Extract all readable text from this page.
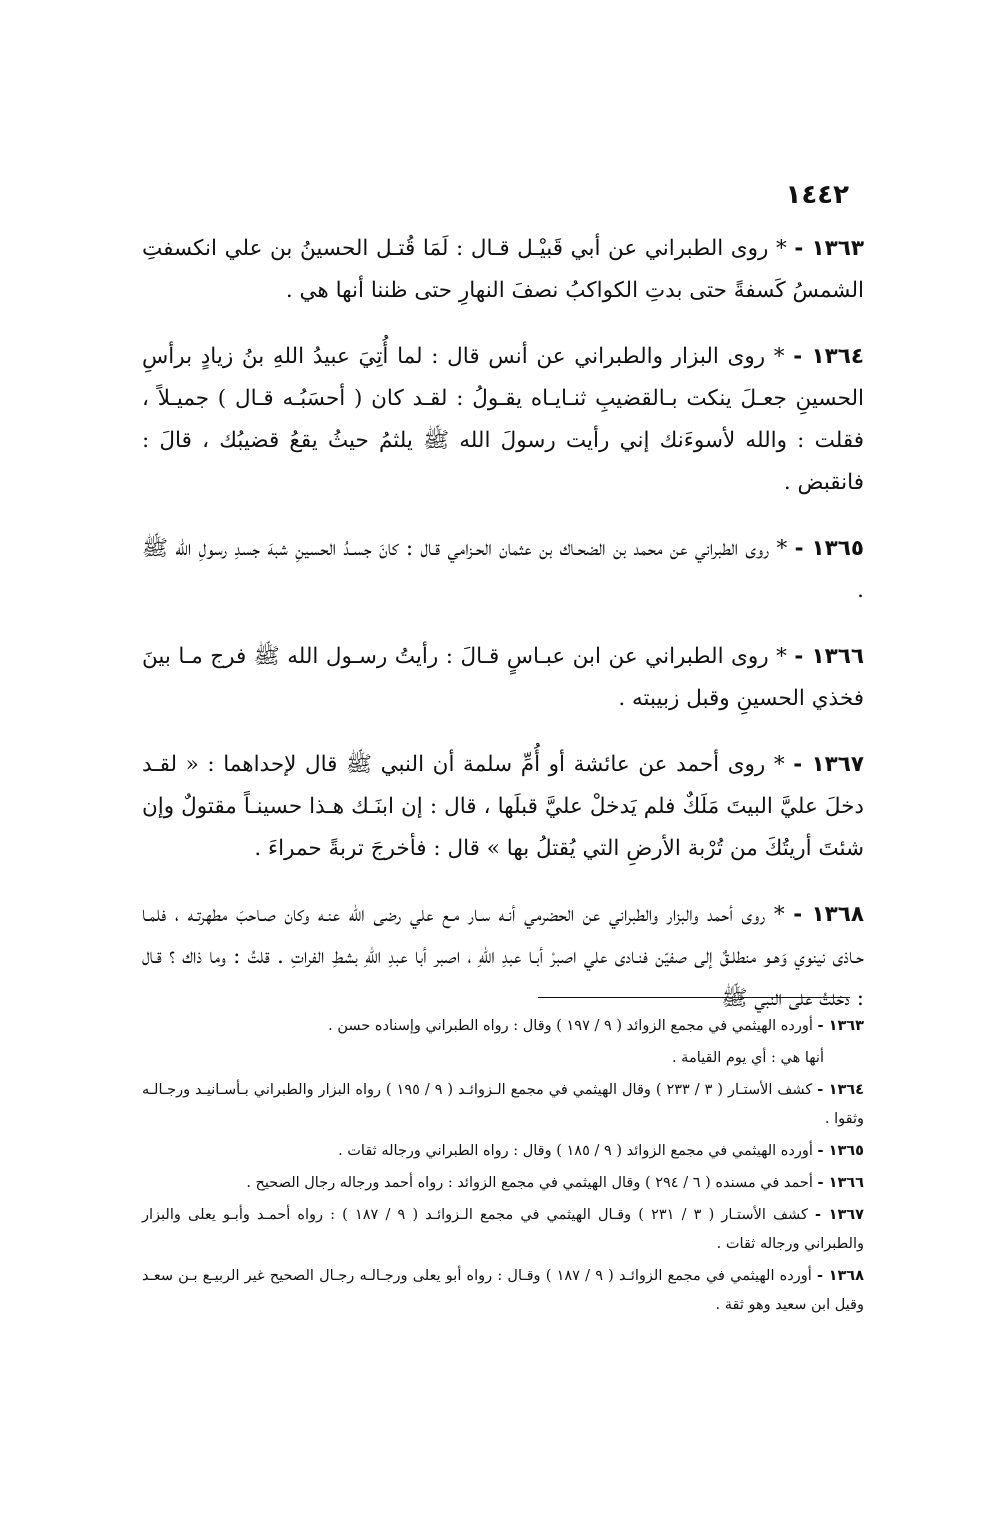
١٤٤٢

١٣٦٣ - * روى الطبراني عن أبي قَبيْـل قـال : لَمَا قُتـل الحسينُ بن علي انكسفتِ الشمسُ كَسفةً حتى بدتِ الكواكبُ نصفَ النهارِ حتى ظننا أنها هي .

١٣٦٤ - * روى البزار والطبراني عن أنس قال : لما أُتِيَ عبيدُ اللهِ بنُ زيادٍ برأسِ الحسينِ جعـلَ ينكت بـالقضيبِ ثنـايـاه يقـولُ : لقـد كان ( أحسَبُـه قـال ) جميـلاً ، فقلت : والله لأسوءَنك إني رأيت رسولَ الله ﷺ يلثمُ حيثُ يقعُ قضيبُك ، قالَ : فانقبض .

١٣٦٥ - * روى الطبراني عن محمد بن الضحـاك بن عثمان الحـزامي قـال : كانَ جسـدُ الحسينِ شبهَ جسدِ رسولِ الله ﷺ .

١٣٦٦ - * روى الطبراني عن ابن عبـاسٍ قـالَ : رأيتُ رسـول الله ﷺ فرج مـا بينَ فخذي الحسينِ وقبل زبيبته .

١٣٦٧ - * روى أحمد عن عائشة أو أُمِّ سلمة أن النبي ﷺ قال لإحداهما : « لقـد دخلَ عليَّ البيتَ مَلَكٌ فلم يَدخلْ عليَّ قبلَها ، قال : إن ابنَـك هـذا حسينـاً مقتولٌ وإن شئتَ أريتُكَ من تُرْبة الأرضِ التي يُقتلُ بها » قال : فأخرجَ تربةً حمراءَ .

١٣٦٨ - * روى أحمد والبزار والطبراني عن الحضرمي أنـه سـار مـع علي رضى الله عنـه وكان صـاحبَ مطهرتـه ، فلمـا حـاذى نينوي وَهـو منطلـقٌ إلى صفيّن فنـادى علي اصبرْ أبـا عبدِ اللهِ ، اصبر أبا عبدِ اللهِ بشطِ الفراتِ . قلتُ : وما ذاك ؟ قـال : دخلتُ على النبي ﷺ

١٣٦٣ - أورده الهيثمي في مجمع الزوائد ( ٩ / ١٩٧ ) وقال : رواه الطبراني وإسناده حسن .

أنها هي : أي يوم القيامة .

١٣٦٤ - كشف الأستـار ( ٣ / ٢٣٣ ) وقال الهيثمي في مجمع الـزوائـد ( ٩ / ١٩٥ ) رواه البزار والطبراني بـأسـانيـد ورجـالـه وثقوا .

١٣٦٥ - أورده الهيثمي في مجمع الزوائد ( ٩ / ١٨٥ ) وقال : رواه الطبراني ورجاله ثقات .

١٣٦٦ - أحمد في مسنده ( ٦ / ٢٩٤ ) وقال الهيثمي في مجمع الزوائد : رواه أحمد ورجاله رجال الصحيح .

١٣٦٧ - كشف الأستـار ( ٣ / ٢٣١ ) وقـال الهيثمي في مجمع الـزوائـد ( ٩ / ١٨٧ ) : رواه أحمـد وأبـو يعلى والبزار والطبراني ورجاله ثقات .

١٣٦٨ - أورده الهيثمي في مجمع الزوائـد ( ٩ / ١٨٧ ) وقـال : رواه أبو يعلى ورجـالـه رجـال الصحيح غير الربيـع بـن سعـد وقيل ابن سعيد وهو ثقة .
